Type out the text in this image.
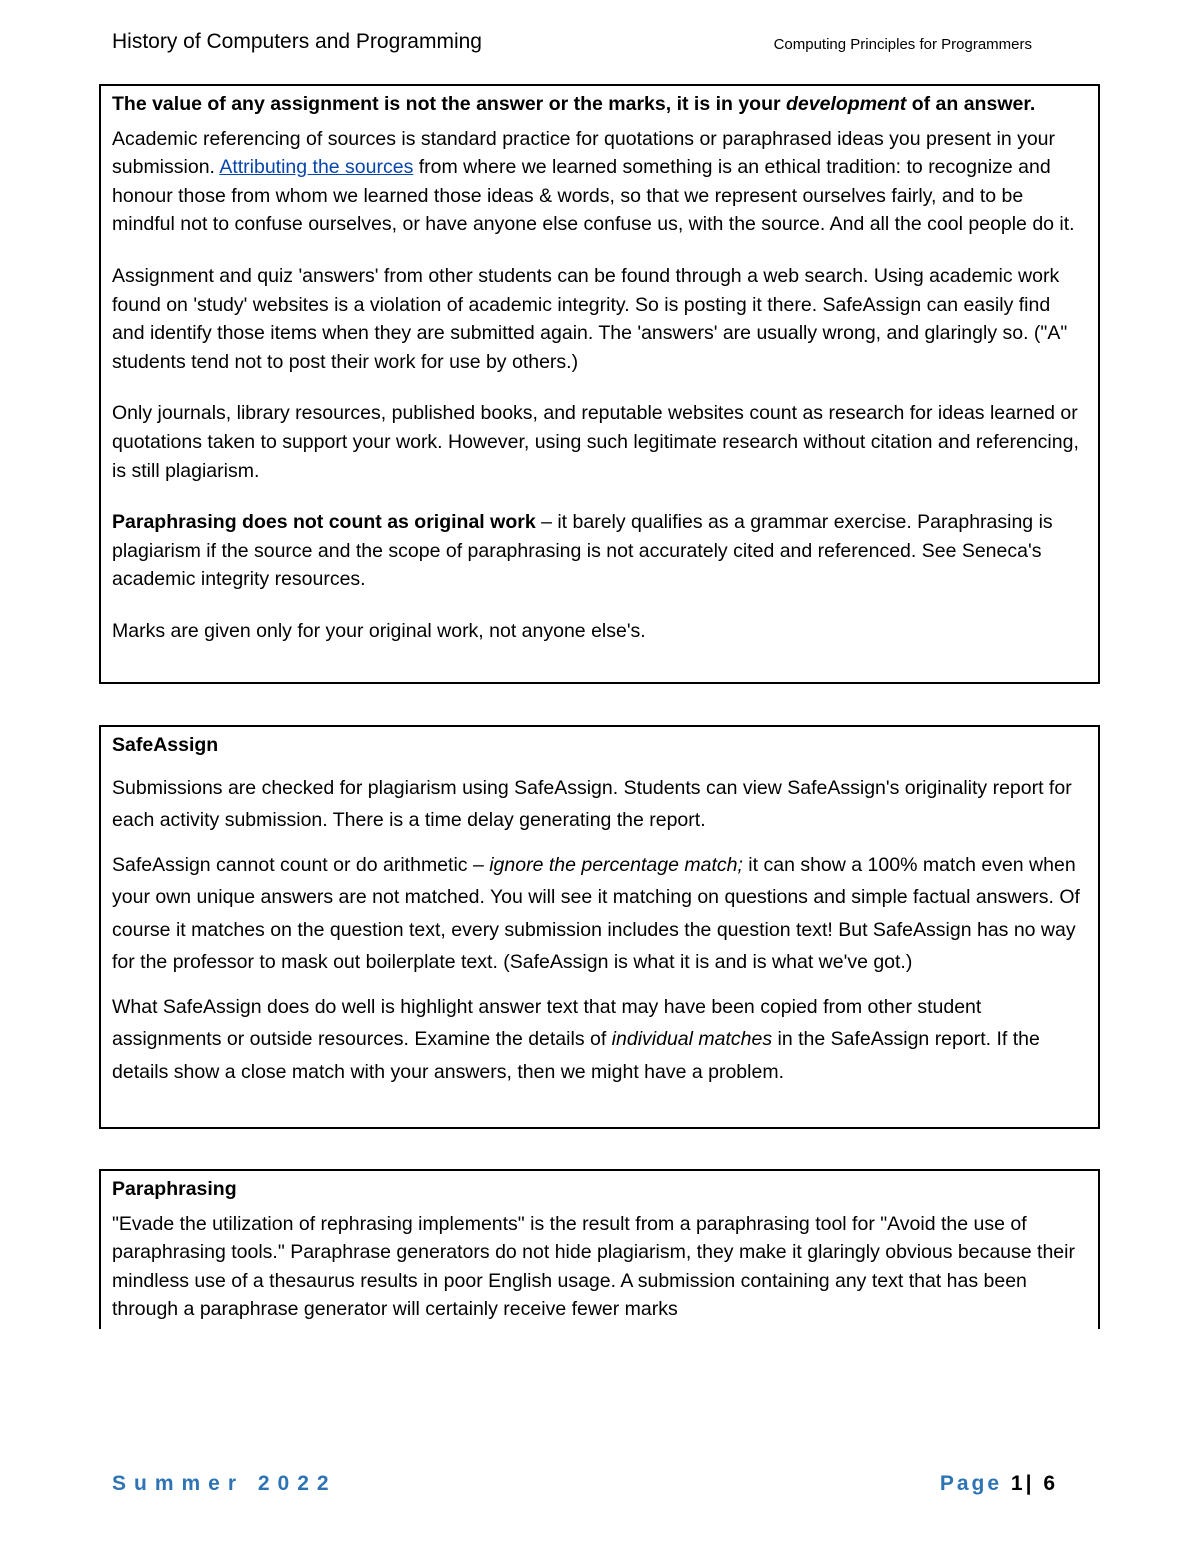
History of Computers and Programming	Computing Principles for Programmers

The value of any assignment is not the answer or the marks, it is in your development of an answer.

Academic referencing of sources is standard practice for quotations or paraphrased ideas you present in your submission. Attributing the sources from where we learned something is an ethical tradition: to recognize and honour those from whom we learned those ideas & words, so that we represent ourselves fairly, and to be mindful not to confuse ourselves, or have anyone else confuse us, with the source. And all the cool people do it.

Assignment and quiz 'answers' from other students can be found through a web search. Using academic work found on 'study' websites is a violation of academic integrity. So is posting it there. SafeAssign can easily find and identify those items when they are submitted again. The 'answers' are usually wrong, and glaringly so. ("A" students tend not to post their work for use by others.)

Only journals, library resources, published books, and reputable websites count as research for ideas learned or quotations taken to support your work. However, using such legitimate research without citation and referencing, is still plagiarism.

Paraphrasing does not count as original work – it barely qualifies as a grammar exercise. Paraphrasing is plagiarism if the source and the scope of paraphrasing is not accurately cited and referenced. See Seneca's academic integrity resources.

Marks are given only for your original work, not anyone else's.

SafeAssign

Submissions are checked for plagiarism using SafeAssign. Students can view SafeAssign's originality report for each activity submission. There is a time delay generating the report.

SafeAssign cannot count or do arithmetic – ignore the percentage match; it can show a 100% match even when your own unique answers are not matched. You will see it matching on questions and simple factual answers. Of course it matches on the question text, every submission includes the question text! But SafeAssign has no way for the professor to mask out boilerplate text. (SafeAssign is what it is and is what we've got.)

What SafeAssign does do well is highlight answer text that may have been copied from other student assignments or outside resources. Examine the details of individual matches in the SafeAssign report. If the details show a close match with your answers, then we might have a problem.

Paraphrasing

"Evade the utilization of rephrasing implements" is the result from a paraphrasing tool for "Avoid the use of paraphrasing tools." Paraphrase generators do not hide plagiarism, they make it glaringly obvious because their mindless use of a thesaurus results in poor English usage. A submission containing any text that has been through a paraphrase generator will certainly receive fewer marks

Summer 2022	Page 1| 6
